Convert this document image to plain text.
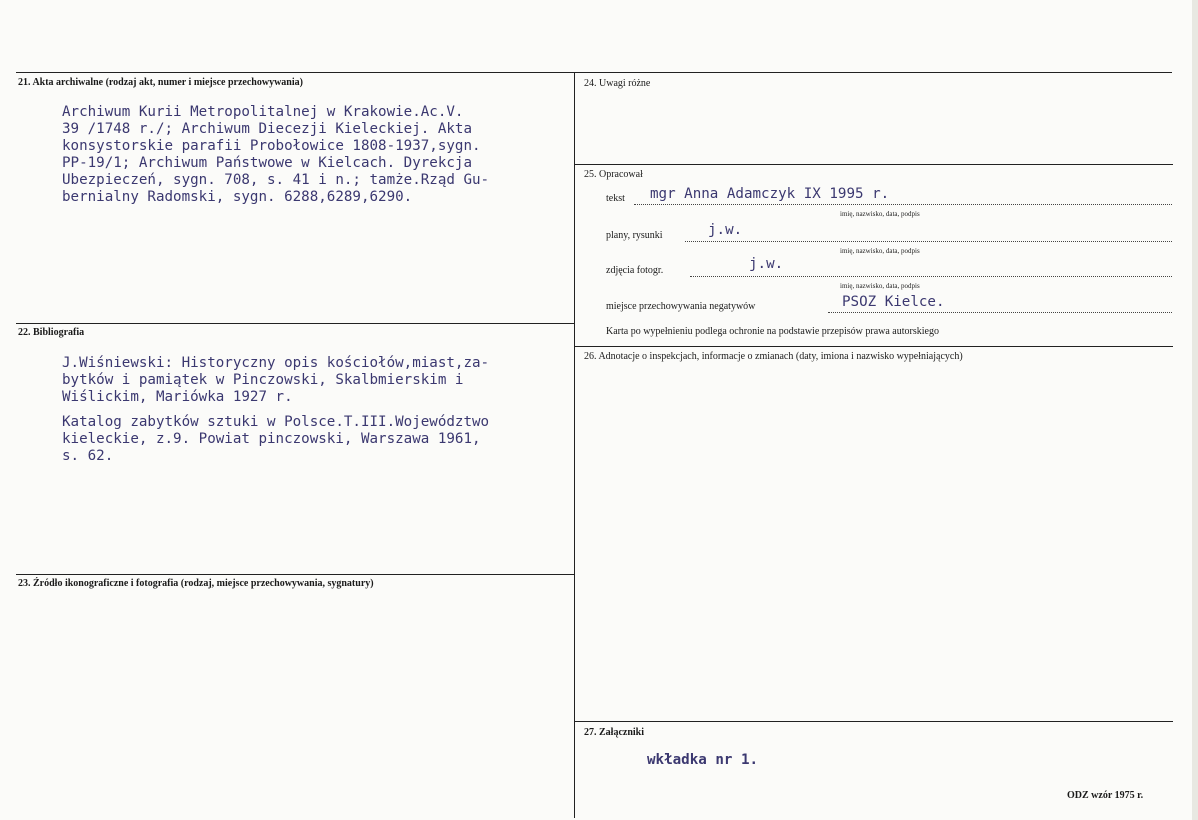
21. Akta archiwalne (rodzaj akt, numer i miejsce przechowywania)
Archiwum Kurii Metropolitalnej w Krakowie.Ac.V.
39 /1748 r./; Archiwum Diecezji Kieleckiej. Akta
konsystorskie parafii Probołowice 1808-1937,sygn.
PP-19/1; Archiwum Państwowe w Kielcach. Dyrekcja
Ubezpieczeń, sygn. 708, s. 41 i n.; tamże.Rząd Gu-
bernialny Radomski, sygn. 6288,6289,6290.
22. Bibliografia
J.Wiśniewski: Historyczny opis kościołów,miast,za-
bytków i pamiątek w Pinczowski, Skalbmierskim i
Wiślickim, Mariówka 1927 r.
Katalog zabytków sztuki w Polsce.T.III.Województwo
kieleckie, z.9. Powiat pinczowski, Warszawa 1961,
s. 62.
23. Źródło ikonograficzne i fotografia (rodzaj, miejsce przechowywania, sygnatury)
24. Uwagi różne
25. Opracował
tekst mgr Anna Adamczyk IX 1995 r.
imię, nazwisko, data, podpis
plany, rysunki	j.w.
imię, nazwisko, data, podpis
zdjęcia fotogr.	j.w.
imię, nazwisko, data, podpis
miejsce przechowywania negatywów	PSOZ Kielce.
Karta po wypełnieniu podlega ochronie na podstawie przepisów prawa autorskiego
26. Adnotacje o inspekcjach, informacje o zmianach (daty, imiona i nazwisko wypełniających)
27. Załączniki
wkładka nr 1.
ODZ wzór 1975 r.
